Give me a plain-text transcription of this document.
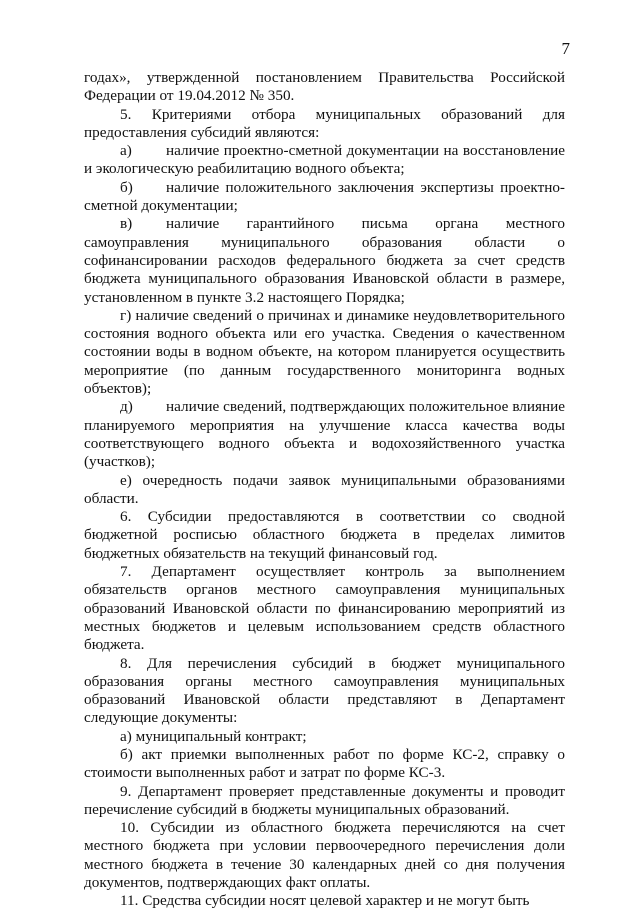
7

годах», утвержденной постановлением Правительства Российской Федерации от 19.04.2012 № 350.

5. Критериями отбора муниципальных образований для предоставления субсидий являются:

а) наличие проектно-сметной документации на восстановление и экологическую реабилитацию водного объекта;

б) наличие положительного заключения экспертизы проектно-сметной документации;

в) наличие гарантийного письма органа местного самоуправления муниципального образования области о софинансировании расходов федерального бюджета за счет средств бюджета муниципального образования Ивановской области в размере, установленном в пункте 3.2 настоящего Порядка;

г) наличие сведений о причинах и динамике неудовлетворительного состояния водного объекта или его участка. Сведения о качественном состоянии воды в водном объекте, на котором планируется осуществить мероприятие (по данным государственного мониторинга водных объектов);

д) наличие сведений, подтверждающих положительное влияние планируемого мероприятия на улучшение класса качества воды соответствующего водного объекта и водохозяйственного участка (участков);

е) очередность подачи заявок муниципальными образованиями области.

6. Субсидии предоставляются в соответствии со сводной бюджетной росписью областного бюджета в пределах лимитов бюджетных обязательств на текущий финансовый год.

7. Департамент осуществляет контроль за выполнением обязательств органов местного самоуправления муниципальных образований Ивановской области по финансированию мероприятий из местных бюджетов и целевым использованием средств областного бюджета.

8. Для перечисления субсидий в бюджет муниципального образования органы местного самоуправления муниципальных образований Ивановской области представляют в Департамент следующие документы:

а) муниципальный контракт;

б) акт приемки выполненных работ по форме КС-2, справку о стоимости выполненных работ и затрат по форме КС-3.

9. Департамент проверяет представленные документы и проводит перечисление субсидий в бюджеты муниципальных образований.

10. Субсидии из областного бюджета перечисляются на счет местного бюджета при условии первоочередного перечисления доли местного бюджета в течение 30 календарных дней со дня получения документов, подтверждающих факт оплаты.

11. Средства субсидии носят целевой характер и не могут быть
